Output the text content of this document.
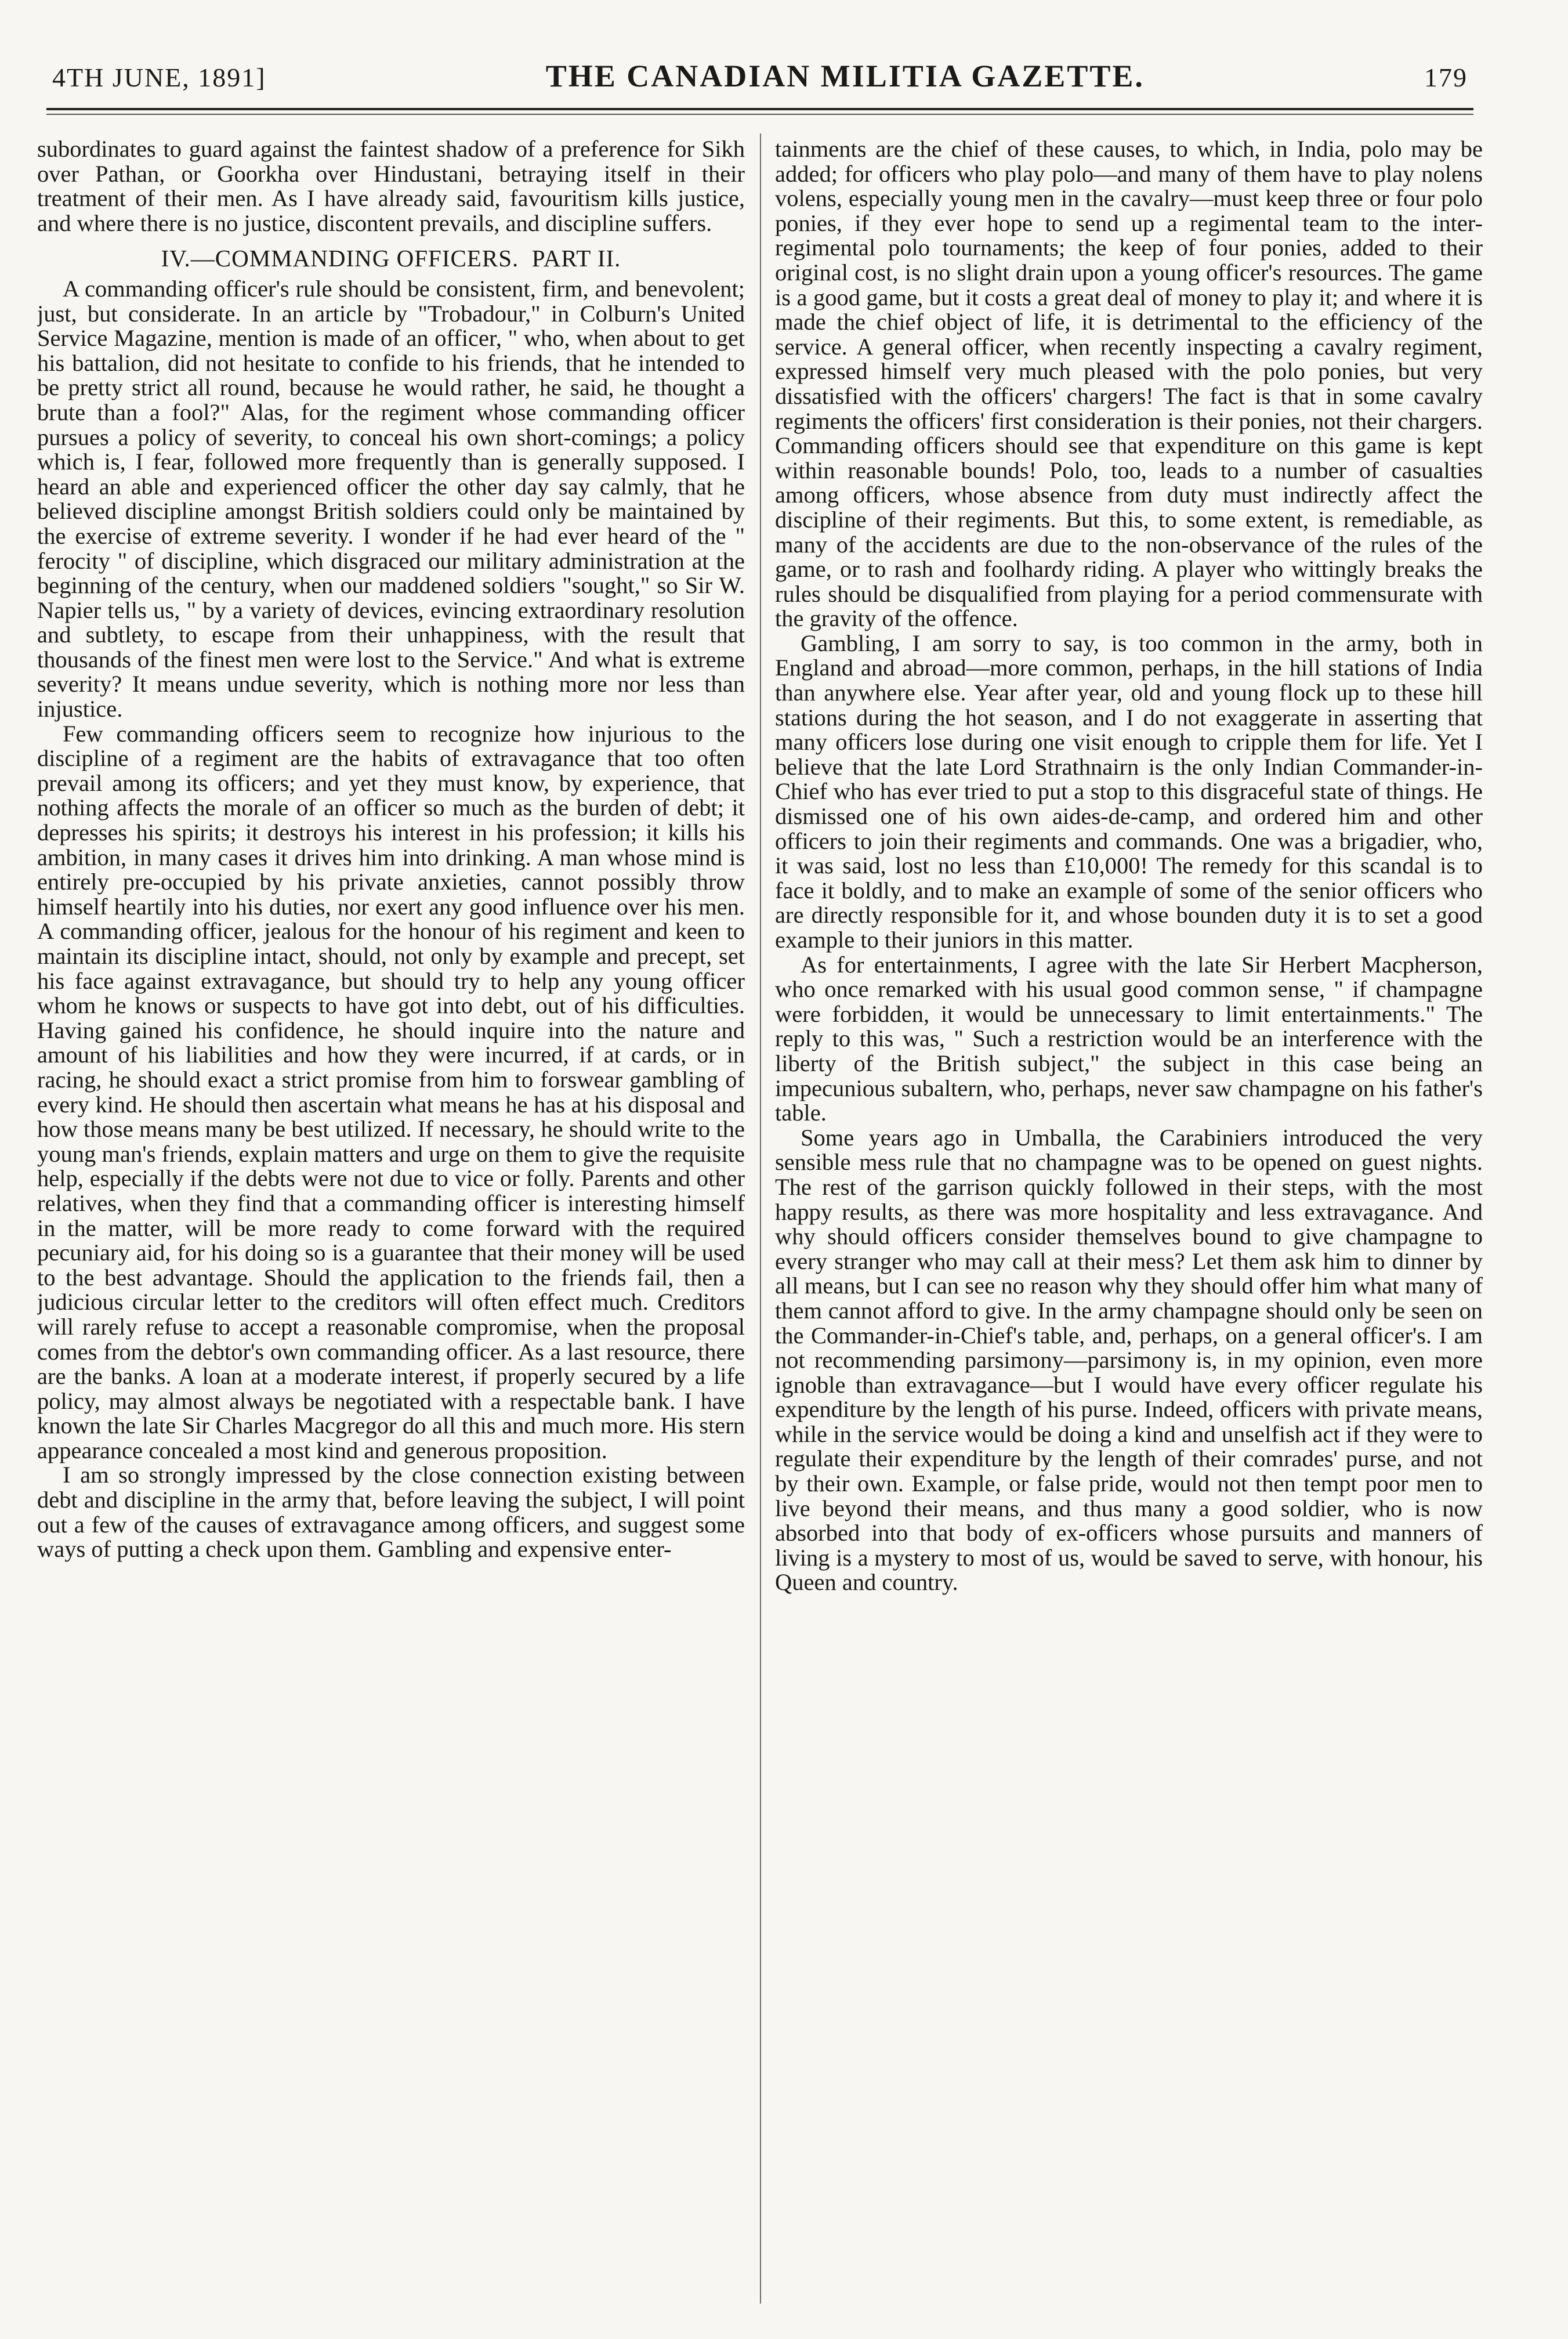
4TH JUNE, 1891]	THE CANADIAN MILITIA GAZETTE.	179

subordinates to guard against the faintest shadow of a preference for Sikh over Pathan, or Goorkha over Hindustani, betraying itself in their treatment of their men. As I have already said, favouritism kills justice, and where there is no justice, discontent prevails, and discipline suffers.

IV.—COMMANDING OFFICERS. PART II.

A commanding officer's rule should be consistent, firm, and benevolent; just, but considerate. In an article by "Trobadour," in Colburn's United Service Magazine, mention is made of an officer, " who, when about to get his battalion, did not hesitate to confide to his friends, that he intended to be pretty strict all round, because he would rather, he said, he thought a brute than a fool?" Alas, for the regiment whose commanding officer pursues a policy of severity, to conceal his own short-comings; a policy which is, I fear, followed more frequently than is generally supposed. I heard an able and experienced officer the other day say calmly, that he believed discipline amongst British soldiers could only be maintained by the exercise of extreme severity. I wonder if he had ever heard of the " ferocity " of discipline, which disgraced our military administration at the beginning of the century, when our maddened soldiers "sought," so Sir W. Napier tells us, " by a variety of devices, evincing extraordinary resolution and subtlety, to escape from their unhappiness, with the result that thousands of the finest men were lost to the Service." And what is extreme severity? It means undue severity, which is nothing more nor less than injustice.

Few commanding officers seem to recognize how injurious to the discipline of a regiment are the habits of extravagance that too often prevail among its officers; and yet they must know, by experience, that nothing affects the morale of an officer so much as the burden of debt; it depresses his spirits; it destroys his interest in his profession; it kills his ambition, in many cases it drives him into drinking. A man whose mind is entirely pre-occupied by his private anxieties, cannot possibly throw himself heartily into his duties, nor exert any good influence over his men. A commanding officer, jealous for the honour of his regiment and keen to maintain its discipline intact, should, not only by example and precept, set his face against extravagance, but should try to help any young officer whom he knows or suspects to have got into debt, out of his difficulties. Having gained his confidence, he should inquire into the nature and amount of his liabilities and how they were incurred, if at cards, or in racing, he should exact a strict promise from him to forswear gambling of every kind. He should then ascertain what means he has at his disposal and how those means many be best utilized. If necessary, he should write to the young man's friends, explain matters and urge on them to give the requisite help, especially if the debts were not due to vice or folly. Parents and other relatives, when they find that a commanding officer is interesting himself in the matter, will be more ready to come forward with the required pecuniary aid, for his doing so is a guarantee that their money will be used to the best advantage. Should the application to the friends fail, then a judicious circular letter to the creditors will often effect much. Creditors will rarely refuse to accept a reasonable compromise, when the proposal comes from the debtor's own commanding officer. As a last resource, there are the banks. A loan at a moderate interest, if properly secured by a life policy, may almost always be negotiated with a respectable bank. I have known the late Sir Charles Macgregor do all this and much more. His stern appearance concealed a most kind and generous proposition.

I am so strongly impressed by the close connection existing between debt and discipline in the army that, before leaving the subject, I will point out a few of the causes of extravagance among officers, and suggest some ways of putting a check upon them. Gambling and expensive enter-

tainments are the chief of these causes, to which, in India, polo may be added; for officers who play polo—and many of them have to play nolens volens, especially young men in the cavalry—must keep three or four polo ponies, if they ever hope to send up a regimental team to the inter-regimental polo tournaments; the keep of four ponies, added to their original cost, is no slight drain upon a young officer's resources. The game is a good game, but it costs a great deal of money to play it; and where it is made the chief object of life, it is detrimental to the efficiency of the service. A general officer, when recently inspecting a cavalry regiment, expressed himself very much pleased with the polo ponies, but very dissatisfied with the officers' chargers! The fact is that in some cavalry regiments the officers' first consideration is their ponies, not their chargers. Commanding officers should see that expenditure on this game is kept within reasonable bounds! Polo, too, leads to a number of casualties among officers, whose absence from duty must indirectly affect the discipline of their regiments. But this, to some extent, is remediable, as many of the accidents are due to the non-observance of the rules of the game, or to rash and foolhardy riding. A player who wittingly breaks the rules should be disqualified from playing for a period commensurate with the gravity of the offence.

Gambling, I am sorry to say, is too common in the army, both in England and abroad—more common, perhaps, in the hill stations of India than anywhere else. Year after year, old and young flock up to these hill stations during the hot season, and I do not exaggerate in asserting that many officers lose during one visit enough to cripple them for life. Yet I believe that the late Lord Strathnairn is the only Indian Commander-in-Chief who has ever tried to put a stop to this disgraceful state of things. He dismissed one of his own aides-de-camp, and ordered him and other officers to join their regiments and commands. One was a brigadier, who, it was said, lost no less than £10,000! The remedy for this scandal is to face it boldly, and to make an example of some of the senior officers who are directly responsible for it, and whose bounden duty it is to set a good example to their juniors in this matter.

As for entertainments, I agree with the late Sir Herbert Macpherson, who once remarked with his usual good common sense, " if champagne were forbidden, it would be unnecessary to limit entertainments." The reply to this was, " Such a restriction would be an interference with the liberty of the British subject," the subject in this case being an impecunious subaltern, who, perhaps, never saw champagne on his father's table.

Some years ago in Umballa, the Carabiniers introduced the very sensible mess rule that no champagne was to be opened on guest nights. The rest of the garrison quickly followed in their steps, with the most happy results, as there was more hospitality and less extravagance. And why should officers consider themselves bound to give champagne to every stranger who may call at their mess? Let them ask him to dinner by all means, but I can see no reason why they should offer him what many of them cannot afford to give. In the army champagne should only be seen on the Commander-in-Chief's table, and, perhaps, on a general officer's. I am not recommending parsimony—parsimony is, in my opinion, even more ignoble than extravagance—but I would have every officer regulate his expenditure by the length of his purse. Indeed, officers with private means, while in the service would be doing a kind and unselfish act if they were to regulate their expenditure by the length of their comrades' purse, and not by their own. Example, or false pride, would not then tempt poor men to live beyond their means, and thus many a good soldier, who is now absorbed into that body of ex-officers whose pursuits and manners of living is a mystery to most of us, would be saved to serve, with honour, his Queen and country.
